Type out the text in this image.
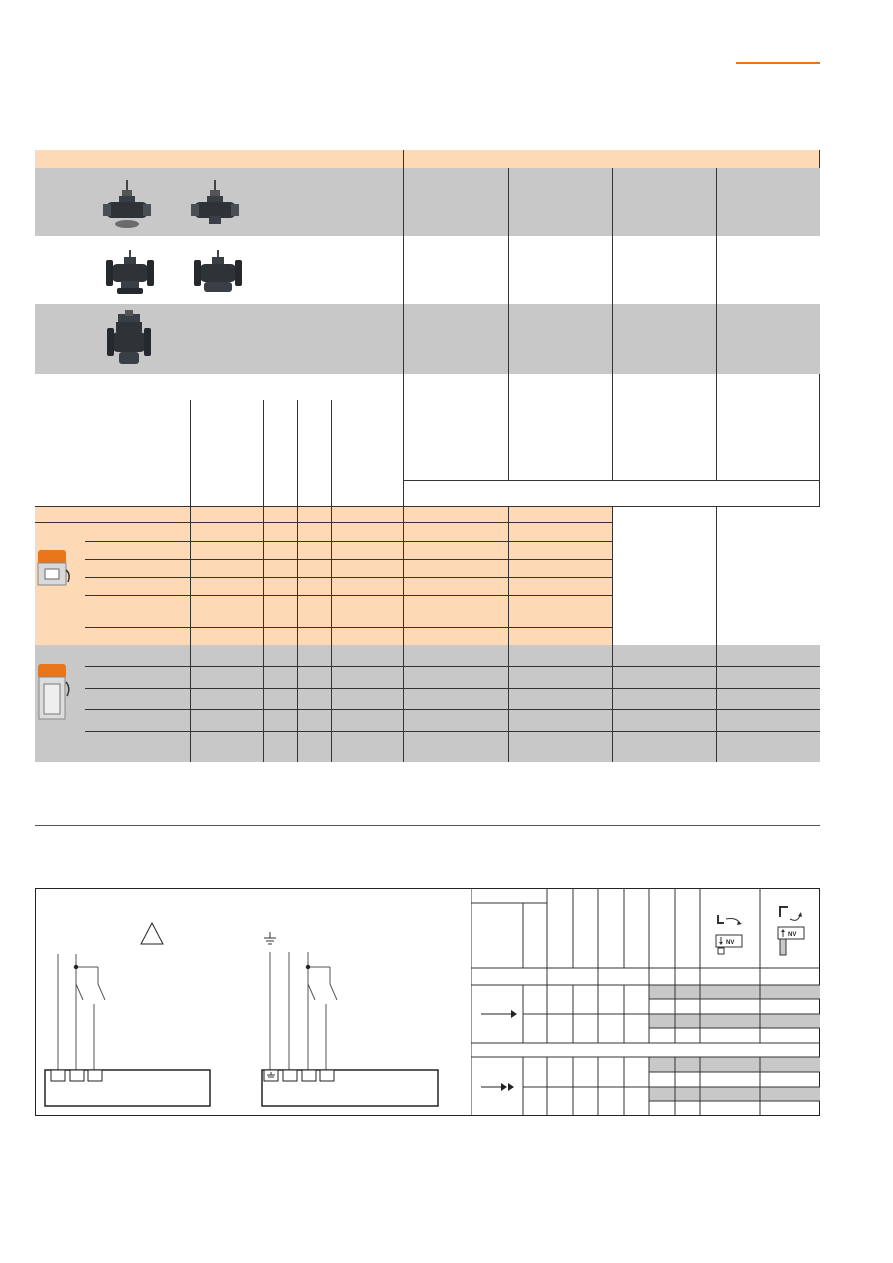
NV
NV
